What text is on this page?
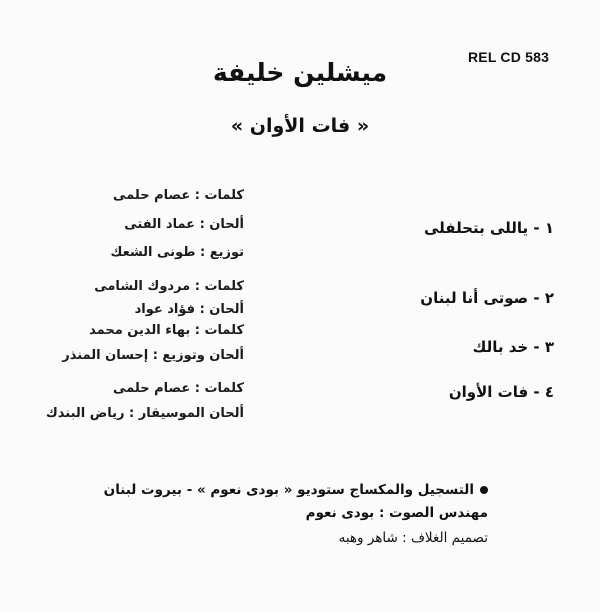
REL CD 583
ميشلين خليفة
« فات الأوان »
١ - ياللى بتحلفلى
٢ - صوتى أنا لبنان
٣ - خد بالك
٤ - فات الأوان
كلمات : عصام حلمى
ألحان : عماد الفتى
توزيع : طونى الشعك
كلمات : مردوك الشامى
ألحان : فؤاد عواد
كلمات : بهاء الدين محمد
ألحان وتوزيع : إحسان المنذر
كلمات : عصام حلمى
ألحان الموسيقار : رياض البندك
التسجيل والمكساج ستوديو « بودى نعوم » - بيروت لبنان
مهندس الصوت : بودى نعوم
تصميم الغلاف : شاهر وهبه
